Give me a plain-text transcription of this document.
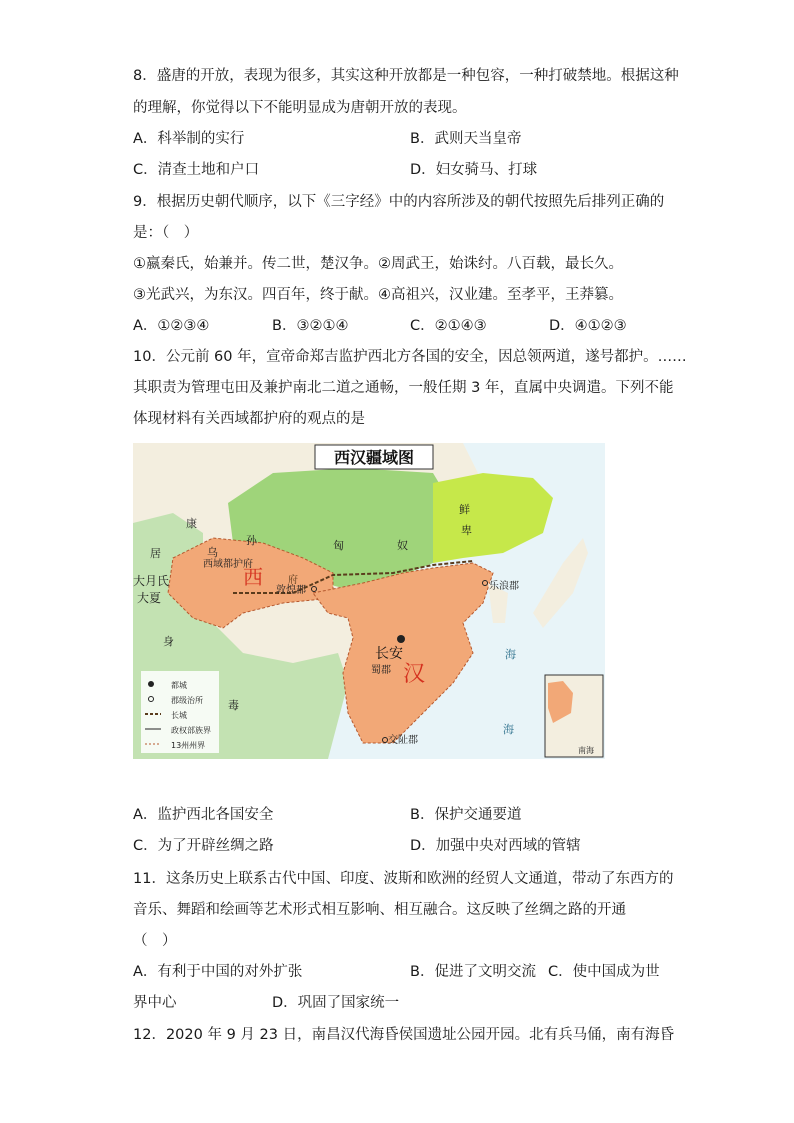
8．盛唐的开放，表现为很多，其实这种开放都是一种包容，一种打破禁地。根据这种
的理解，你觉得以下不能明显成为唐朝开放的表现。
A．科举制的实行	B．武则天当皇帝
C．清查土地和户口	D．妇女骑马、打球
9．根据历史朝代顺序，以下《三字经》中的内容所涉及的朝代按照先后排列正确的
是：（　）
①嬴秦氏，始兼并。传二世，楚汉争。②周武王，始诛纣。八百载，最长久。
③光武兴，为东汉。四百年，终于献。④高祖兴，汉业建。至孝平，王莽篡。
A．①②③④	B．③②①④	C．②①④③	D．④①②③
10．公元前 60 年，宣帝命郑吉监护西北方各国的安全，因总领两道，遂号都护。……
其职责为管理屯田及兼护南北二道之通畅，一般任期 3 年，直属中央调遣。下列不能
体现材料有关西域都护府的观点的是
西汉疆域图
康
居	乌
孙
西域都护府
西	府
大月氏
大夏
身
毒
敦煌郡
匈	奴
鲜
卑
乐浪郡
长安
汉
蜀郡
交阯郡
海
海
都城
郡级治所
长城
政权部族界
13州州界
南海
A．监护西北各国安全	B．保护交通要道
C．为了开辟丝绸之路	D．加强中央对西域的管辖
11．这条历史上联系古代中国、印度、波斯和欧洲的经贸人文通道，带动了东西方的
音乐、舞蹈和绘画等艺术形式相互影响、相互融合。这反映了丝绸之路的开通
（　）
A．有利于中国的对外扩张	B．促进了文明交流 C．使中国成为世
界中心	D．巩固了国家统一
12．2020 年 9 月 23 日，南昌汉代海昏侯国遗址公园开园。北有兵马俑，南有海昏
